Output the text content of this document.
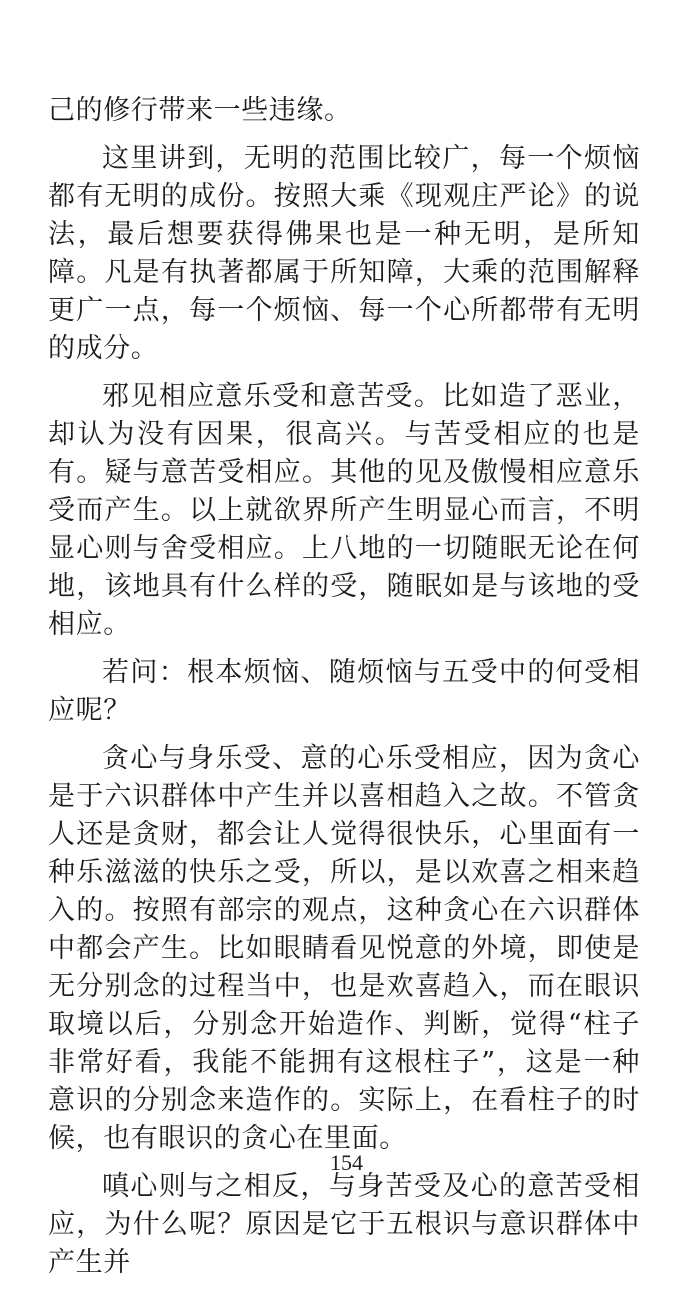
己的修行带来一些违缘。

这里讲到，无明的范围比较广，每一个烦恼都有无明的成份。按照大乘《现观庄严论》的说法，最后想要获得佛果也是一种无明，是所知障。凡是有执著都属于所知障，大乘的范围解释更广一点，每一个烦恼、每一个心所都带有无明的成分。

邪见相应意乐受和意苦受。比如造了恶业，却认为没有因果，很高兴。与苦受相应的也是有。疑与意苦受相应。其他的见及傲慢相应意乐受而产生。以上就欲界所产生明显心而言，不明显心则与舍受相应。上八地的一切随眠无论在何地，该地具有什么样的受，随眠如是与该地的受相应。

若问：根本烦恼、随烦恼与五受中的何受相应呢？

贪心与身乐受、意的心乐受相应，因为贪心是于六识群体中产生并以喜相趋入之故。不管贪人还是贪财，都会让人觉得很快乐，心里面有一种乐滋滋的快乐之受，所以，是以欢喜之相来趋入的。按照有部宗的观点，这种贪心在六识群体中都会产生。比如眼睛看见悦意的外境，即使是无分别念的过程当中，也是欢喜趋入，而在眼识取境以后，分别念开始造作、判断，觉得“柱子非常好看，我能不能拥有这根柱子”，这是一种意识的分别念来造作的。实际上，在看柱子的时候，也有眼识的贪心在里面。

嗔心则与之相反，与身苦受及心的意苦受相应，为什么呢？原因是它于五根识与意识群体中产生并

154
